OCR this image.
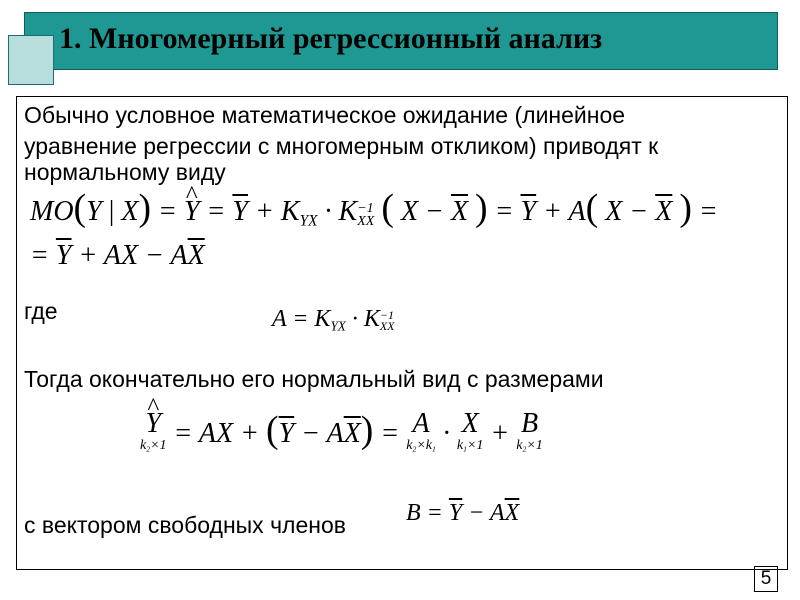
1. Многомерный регрессионный анализ
Обычно условное математическое ожидание (линейное
уравнение регрессии с многомерным откликом) приводят к
нормальному виду
MO(Y | X) = ^ $Y = \overline{Y} + K_{YX} \cdot K -1$
XX ( $X - \overline{X}$ ) = $\overline{Y} + A$( $X - \overline{X}$ ) =
= $\overline{Y}$ + AX − $A\overline{X}$
где	$A = K_{YX} \cdot K -1$
XX
Тогда окончательно его нормальный вид с размерами
^ Y
$k_2\times 1$ = AX + $(\overline{Y} - A\overline{X}) = A$
$k_2\times k_1$
· X
$k_1\times 1 + B$
$k_2\times 1$
с вектором свободных членов	$B = \overline{Y} - A\overline{X}$
5
